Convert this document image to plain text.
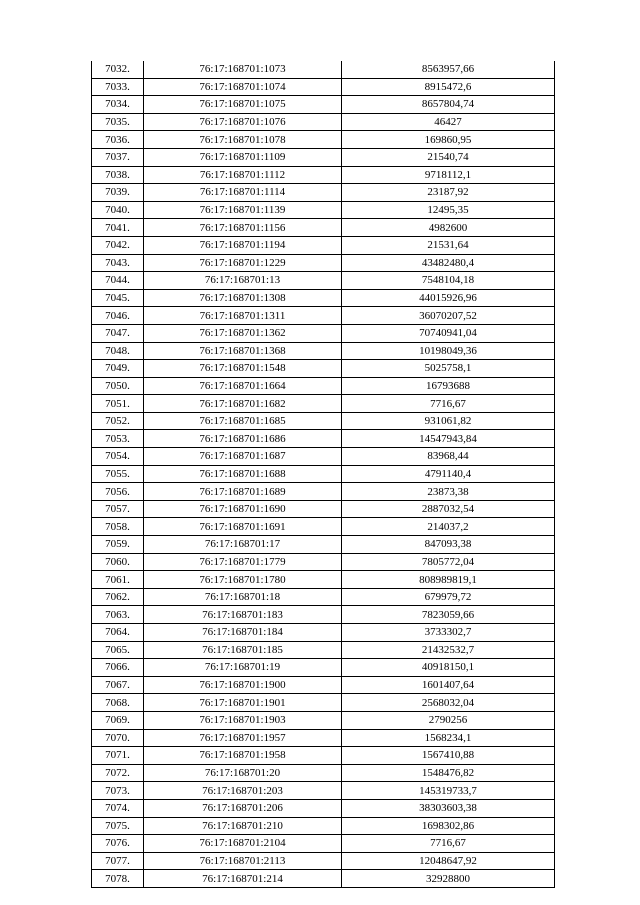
7032.	76:17:168701:1073	8563957,66
7033.	76:17:168701:1074	8915472,6
7034.	76:17:168701:1075	8657804,74
7035.	76:17:168701:1076	46427
7036.	76:17:168701:1078	169860,95
7037.	76:17:168701:1109	21540,74
7038.	76:17:168701:1112	9718112,1
7039.	76:17:168701:1114	23187,92
7040.	76:17:168701:1139	12495,35
7041.	76:17:168701:1156	4982600
7042.	76:17:168701:1194	21531,64
7043.	76:17:168701:1229	43482480,4
7044.	76:17:168701:13	7548104,18
7045.	76:17:168701:1308	44015926,96
7046.	76:17:168701:1311	36070207,52
7047.	76:17:168701:1362	70740941,04
7048.	76:17:168701:1368	10198049,36
7049.	76:17:168701:1548	5025758,1
7050.	76:17:168701:1664	16793688
7051.	76:17:168701:1682	7716,67
7052.	76:17:168701:1685	931061,82
7053.	76:17:168701:1686	14547943,84
7054.	76:17:168701:1687	83968,44
7055.	76:17:168701:1688	4791140,4
7056.	76:17:168701:1689	23873,38
7057.	76:17:168701:1690	2887032,54
7058.	76:17:168701:1691	214037,2
7059.	76:17:168701:17	847093,38
7060.	76:17:168701:1779	7805772,04
7061.	76:17:168701:1780	808989819,1
7062.	76:17:168701:18	679979,72
7063.	76:17:168701:183	7823059,66
7064.	76:17:168701:184	3733302,7
7065.	76:17:168701:185	21432532,7
7066.	76:17:168701:19	40918150,1
7067.	76:17:168701:1900	1601407,64
7068.	76:17:168701:1901	2568032,04
7069.	76:17:168701:1903	2790256
7070.	76:17:168701:1957	1568234,1
7071.	76:17:168701:1958	1567410,88
7072.	76:17:168701:20	1548476,82
7073.	76:17:168701:203	145319733,7
7074.	76:17:168701:206	38303603,38
7075.	76:17:168701:210	1698302,86
7076.	76:17:168701:2104	7716,67
7077.	76:17:168701:2113	12048647,92
7078.	76:17:168701:214	32928800
